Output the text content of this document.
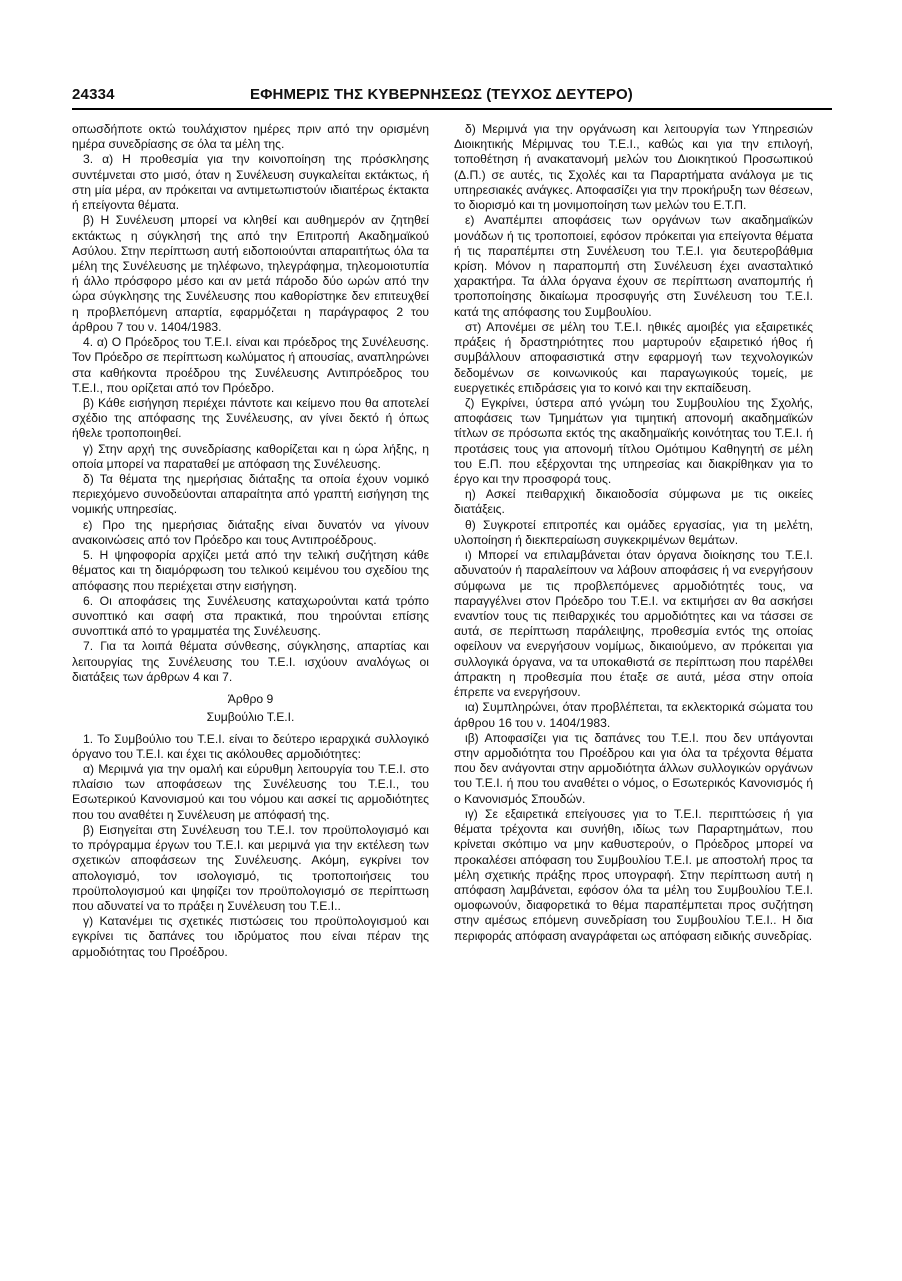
24334	ΕΦΗΜΕΡΙΣ ΤΗΣ ΚΥΒΕΡΝΗΣΕΩΣ (ΤΕΥΧΟΣ ΔΕΥΤΕΡΟ)

οπωσδήποτε οκτώ τουλάχιστον ημέρες πριν από την ορισμένη ημέρα συνεδρίασης σε όλα τα μέλη της.

3. α) Η προθεσμία για την κοινοποίηση της πρόσκλησης συντέμνεται στο μισό, όταν η Συνέλευση συγκαλείται εκτάκτως, ή στη μία μέρα, αν πρόκειται να αντιμετωπιστούν ιδιαιτέρως έκτακτα ή επείγοντα θέματα.

β) Η Συνέλευση μπορεί να κληθεί και αυθημερόν αν ζητηθεί εκτάκτως η σύγκλησή της από την Επιτροπή Ακαδημαϊκού Ασύλου. Στην περίπτωση αυτή ειδοποιούνται απαραιτήτως όλα τα μέλη της Συνέλευσης με τηλέφωνο, τηλεγράφημα, τηλεομοιοτυπία ή άλλο πρόσφορο μέσο και αν μετά πάροδο δύο ωρών από την ώρα σύγκλησης της Συνέλευσης που καθορίστηκε δεν επιτευχθεί η προβλεπόμενη απαρτία, εφαρμόζεται η παράγραφος 2 του άρθρου 7 του ν. 1404/1983.

4. α) Ο Πρόεδρος του Τ.Ε.Ι. είναι και πρόεδρος της Συνέλευσης. Τον Πρόεδρο σε περίπτωση κωλύματος ή απουσίας, αναπληρώνει στα καθήκοντα προέδρου της Συνέλευσης Αντιπρόεδρος του Τ.Ε.Ι., που ορίζεται από τον Πρόεδρο.

β) Κάθε εισήγηση περιέχει πάντοτε και κείμενο που θα αποτελεί σχέδιο της απόφασης της Συνέλευσης, αν γίνει δεκτό ή όπως ήθελε τροποποιηθεί.

γ) Στην αρχή της συνεδρίασης καθορίζεται και η ώρα λήξης, η οποία μπορεί να παραταθεί με απόφαση της Συνέλευσης.

δ) Τα θέματα της ημερήσιας διάταξης τα οποία έχουν νομικό περιεχόμενο συνοδεύονται απαραίτητα από γραπτή εισήγηση της νομικής υπηρεσίας.

ε) Προ της ημερήσιας διάταξης είναι δυνατόν να γίνουν ανακοινώσεις από τον Πρόεδρο και τους Αντιπροέδρους.

5. Η ψηφοφορία αρχίζει μετά από την τελική συζήτηση κάθε θέματος και τη διαμόρφωση του τελικού κειμένου του σχεδίου της απόφασης που περιέχεται στην εισήγηση.

6. Οι αποφάσεις της Συνέλευσης καταχωρούνται κατά τρόπο συνοπτικό και σαφή στα πρακτικά, που τηρούνται επίσης συνοπτικά από το γραμματέα της Συνέλευσης.

7. Για τα λοιπά θέματα σύνθεσης, σύγκλησης, απαρτίας και λειτουργίας της Συνέλευσης του Τ.Ε.Ι. ισχύουν αναλόγως οι διατάξεις των άρθρων 4 και 7.

Άρθρο 9

Συμβούλιο Τ.Ε.Ι.

1. Το Συμβούλιο του Τ.Ε.Ι. είναι το δεύτερο ιεραρχικά συλλογικό όργανο του Τ.Ε.Ι. και έχει τις ακόλουθες αρμοδιότητες:

α) Μεριμνά για την ομαλή και εύρυθμη λειτουργία του Τ.Ε.Ι. στο πλαίσιο των αποφάσεων της Συνέλευσης του Τ.Ε.Ι., του Εσωτερικού Κανονισμού και του νόμου και ασκεί τις αρμοδιότητες που του αναθέτει η Συνέλευση με απόφασή της.

β) Εισηγείται στη Συνέλευση του Τ.Ε.Ι. τον προϋπολογισμό και το πρόγραμμα έργων του Τ.Ε.Ι. και μεριμνά για την εκτέλεση των σχετικών αποφάσεων της Συνέλευσης. Ακόμη, εγκρίνει τον απολογισμό, τον ισολογισμό, τις τροποποιήσεις του προϋπολογισμού και ψηφίζει τον προϋπολογισμό σε περίπτωση που αδυνατεί να το πράξει η Συνέλευση του Τ.Ε.Ι..

γ) Κατανέμει τις σχετικές πιστώσεις του προϋπολογισμού και εγκρίνει τις δαπάνες του ιδρύματος που είναι πέραν της αρμοδιότητας του Προέδρου.

δ) Μεριμνά για την οργάνωση και λειτουργία των Υπηρεσιών Διοικητικής Μέριμνας του Τ.Ε.Ι., καθώς και για την επιλογή, τοποθέτηση ή ανακατανομή μελών του Διοικητικού Προσωπικού (Δ.Π.) σε αυτές, τις Σχολές και τα Παραρτήματα ανάλογα με τις υπηρεσιακές ανάγκες. Αποφασίζει για την προκήρυξη των θέσεων, το διορισμό και τη μονιμοποίηση των μελών του Ε.Τ.Π.

ε) Αναπέμπει αποφάσεις των οργάνων των ακαδημαϊκών μονάδων ή τις τροποποιεί, εφόσον πρόκειται για επείγοντα θέματα ή τις παραπέμπει στη Συνέλευση του Τ.Ε.Ι. για δευτεροβάθμια κρίση. Μόνον η παραπομπή στη Συνέλευση έχει ανασταλτικό χαρακτήρα. Τα άλλα όργανα έχουν σε περίπτωση αναπομπής ή τροποποίησης δικαίωμα προσφυγής στη Συνέλευση του Τ.Ε.Ι. κατά της απόφασης του Συμβουλίου.

στ) Απονέμει σε μέλη του Τ.Ε.Ι. ηθικές αμοιβές για εξαιρετικές πράξεις ή δραστηριότητες που μαρτυρούν εξαιρετικό ήθος ή συμβάλλουν αποφασιστικά στην εφαρμογή των τεχνολογικών δεδομένων σε κοινωνικούς και παραγωγικούς τομείς, με ευεργετικές επιδράσεις για το κοινό και την εκπαίδευση.

ζ) Εγκρίνει, ύστερα από γνώμη του Συμβουλίου της Σχολής, αποφάσεις των Τμημάτων για τιμητική απονομή ακαδημαϊκών τίτλων σε πρόσωπα εκτός της ακαδημαϊκής κοινότητας του Τ.Ε.Ι. ή προτάσεις τους για απονομή τίτλου Ομότιμου Καθηγητή σε μέλη του Ε.Π. που εξέρχονται της υπηρεσίας και διακρίθηκαν για το έργο και την προσφορά τους.

η) Ασκεί πειθαρχική δικαιοδοσία σύμφωνα με τις οικείες διατάξεις.

θ) Συγκροτεί επιτροπές και ομάδες εργασίας, για τη μελέτη, υλοποίηση ή διεκπεραίωση συγκεκριμένων θεμάτων.

ι) Μπορεί να επιλαμβάνεται όταν όργανα διοίκησης του Τ.Ε.Ι. αδυνατούν ή παραλείπουν να λάβουν αποφάσεις ή να ενεργήσουν σύμφωνα με τις προβλεπόμενες αρμοδιότητές τους, να παραγγέλνει στον Πρόεδρο του Τ.Ε.Ι. να εκτιμήσει αν θα ασκήσει εναντίον τους τις πειθαρχικές του αρμοδιότητες και να τάσσει σε αυτά, σε περίπτωση παράλειψης, προθεσμία εντός της οποίας οφείλουν να ενεργήσουν νομίμως, δικαιούμενο, αν πρόκειται για συλλογικά όργανα, να τα υποκαθιστά σε περίπτωση που παρέλθει άπρακτη η προθεσμία που έταξε σε αυτά, μέσα στην οποία έπρεπε να ενεργήσουν.

ια) Συμπληρώνει, όταν προβλέπεται, τα εκλεκτορικά σώματα του άρθρου 16 του ν. 1404/1983.

ιβ) Αποφασίζει για τις δαπάνες του Τ.Ε.Ι. που δεν υπάγονται στην αρμοδιότητα του Προέδρου και για όλα τα τρέχοντα θέματα που δεν ανάγονται στην αρμοδιότητα άλλων συλλογικών οργάνων του Τ.Ε.Ι. ή που του αναθέτει ο νόμος, ο Εσωτερικός Κανονισμός ή ο Κανονισμός Σπουδών.

ιγ) Σε εξαιρετικά επείγουσες για το Τ.Ε.Ι. περιπτώσεις ή για θέματα τρέχοντα και συνήθη, ιδίως των Παραρτημάτων, που κρίνεται σκόπιμο να μην καθυστερούν, ο Πρόεδρος μπορεί να προκαλέσει απόφαση του Συμβουλίου Τ.Ε.Ι. με αποστολή προς τα μέλη σχετικής πράξης προς υπογραφή. Στην περίπτωση αυτή η απόφαση λαμβάνεται, εφόσον όλα τα μέλη του Συμβουλίου Τ.Ε.Ι. ομοφωνούν, διαφορετικά το θέμα παραπέμπεται προς συζήτηση στην αμέσως επόμενη συνεδρίαση του Συμβουλίου Τ.Ε.Ι.. Η δια περιφοράς απόφαση αναγράφεται ως απόφαση ειδικής συνεδρίας.
